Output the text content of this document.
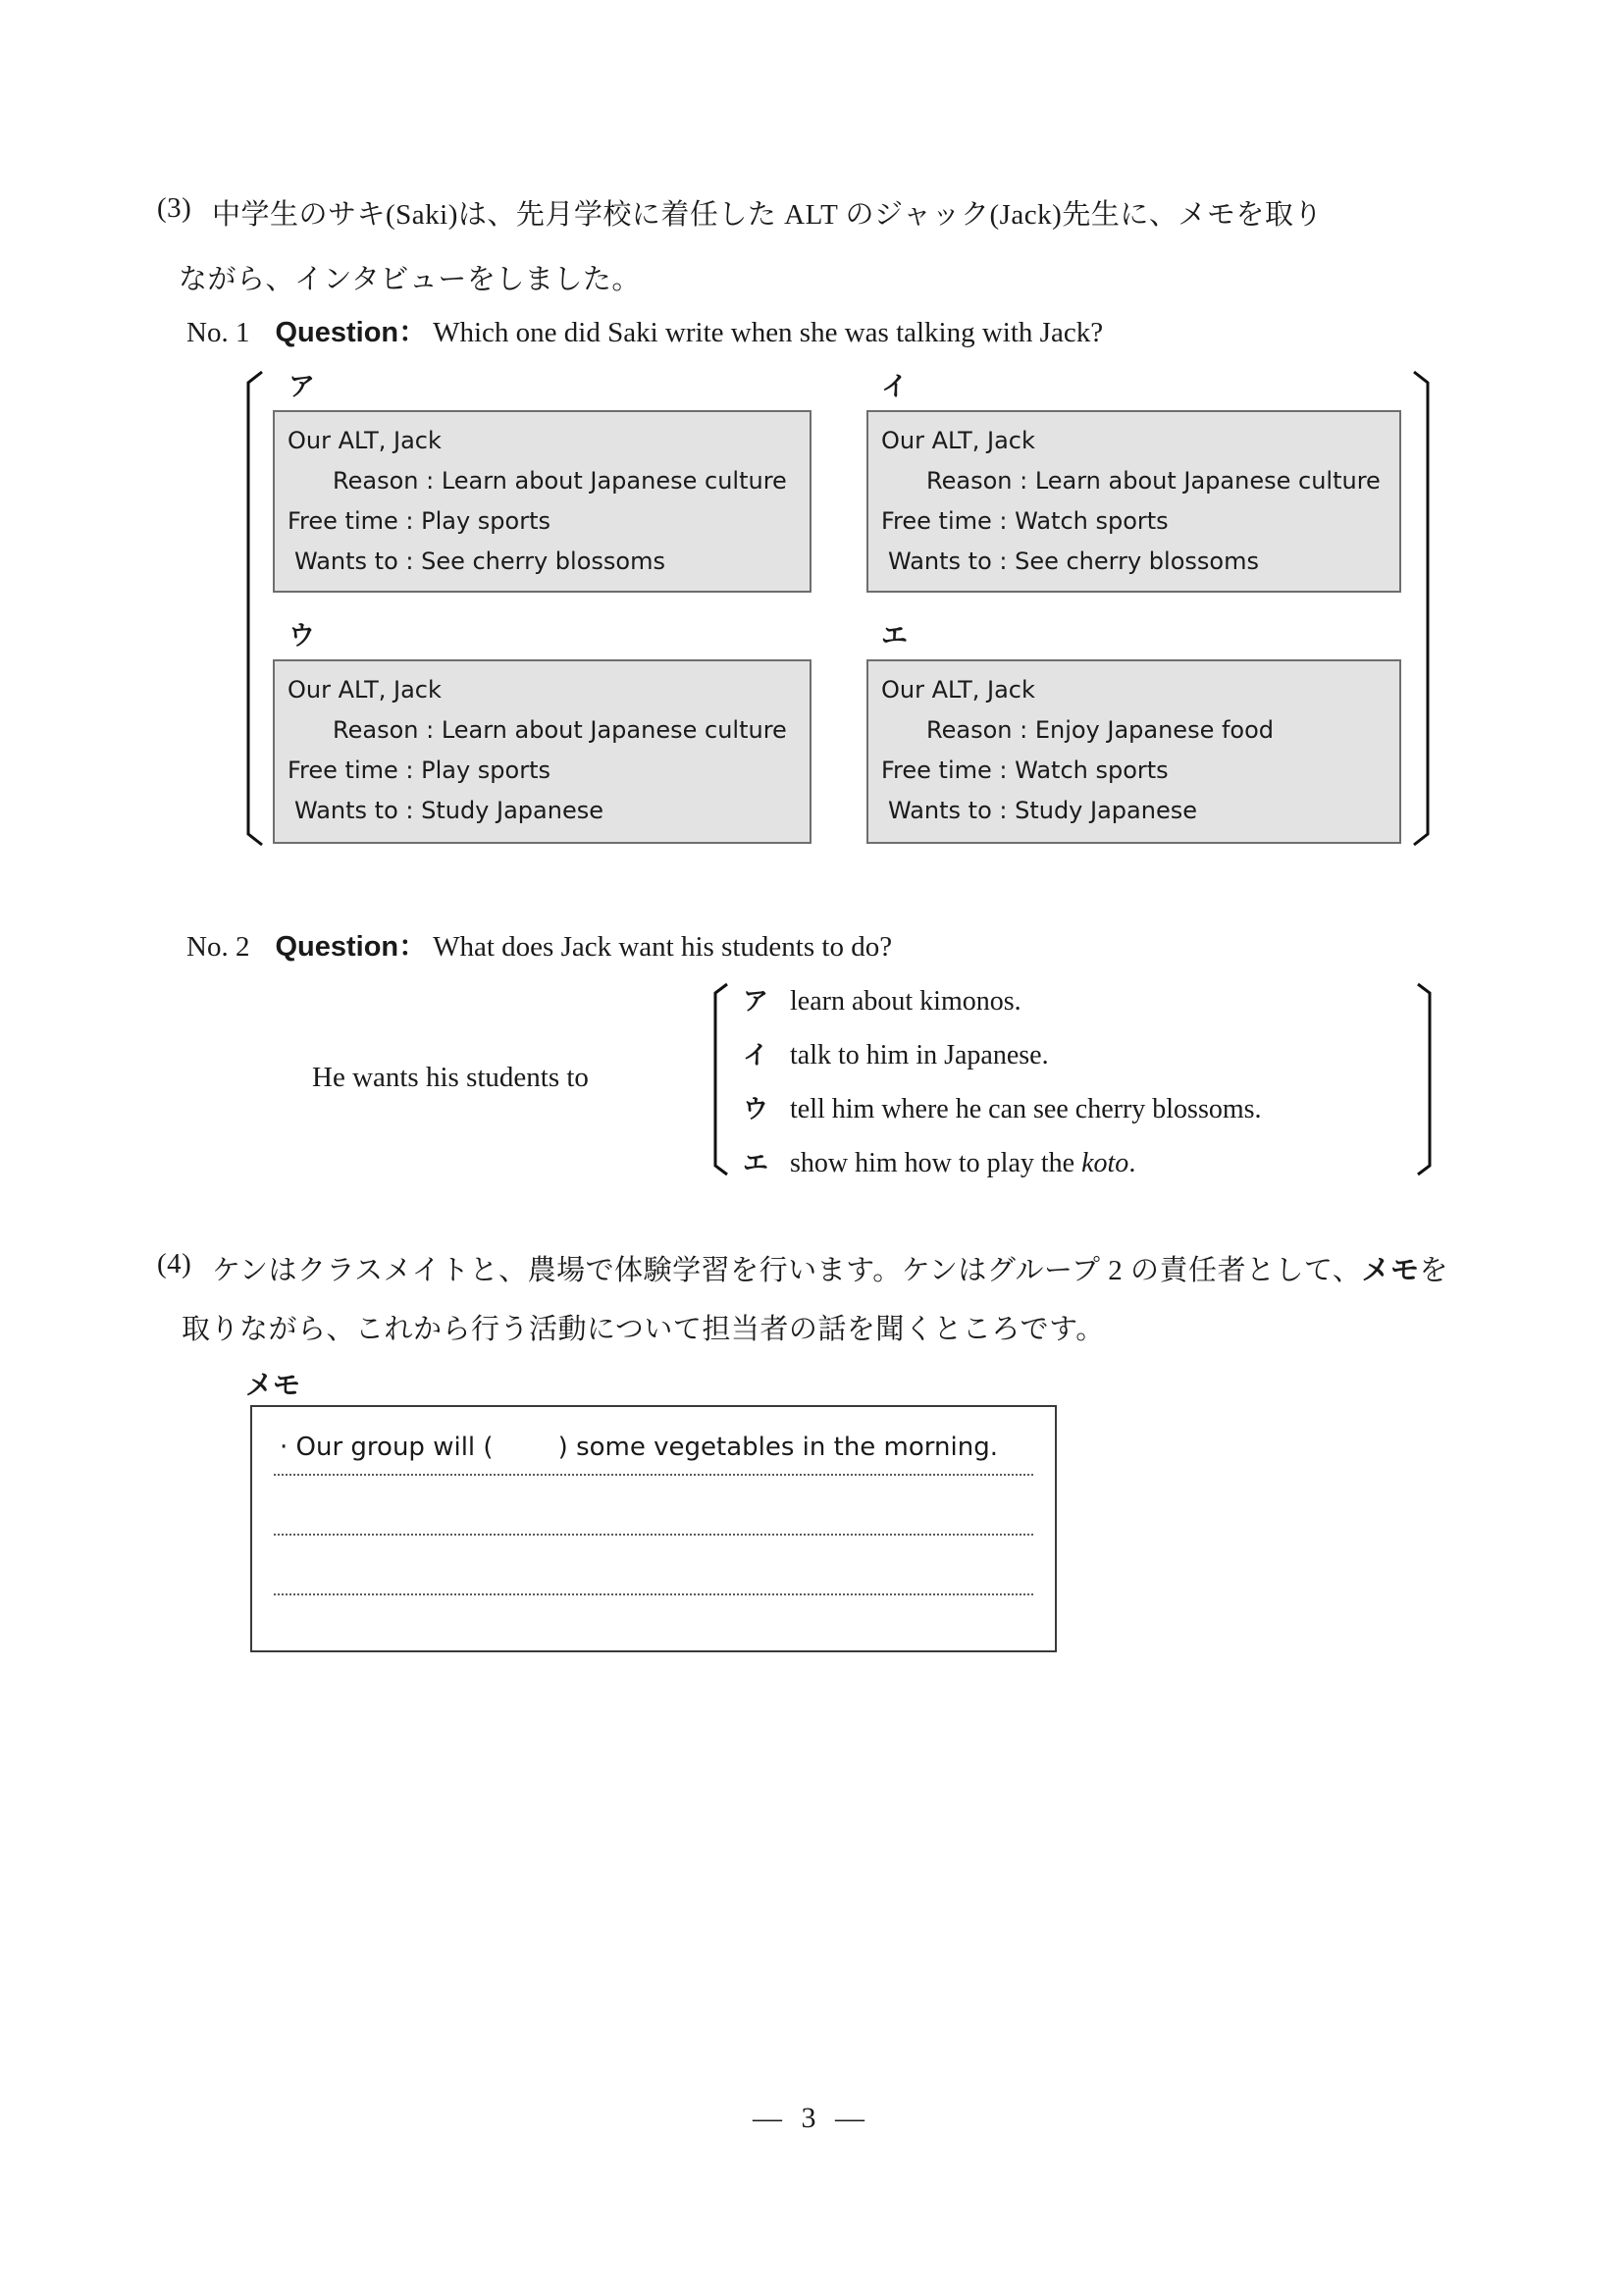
(3) 中学生のサキ(Saki)は、先月学校に着任した ALT のジャック(Jack)先生に、メモを取り
ながら、インタビューをしました。
No. 1 Question： Which one did Saki write when she was talking with Jack?
ア
Our ALT, Jack
Reason : Learn about Japanese culture
Free time : Play sports
Wants to : See cherry blossoms
イ
Our ALT, Jack
Reason : Learn about Japanese culture
Free time : Watch sports
Wants to : See cherry blossoms
ウ
Our ALT, Jack
Reason : Learn about Japanese culture
Free time : Play sports
Wants to : Study Japanese
エ
Our ALT, Jack
Reason : Enjoy Japanese food
Free time : Watch sports
Wants to : Study Japanese
No. 2 Question： What does Jack want his students to do?
He wants his students to
ア learn about kimonos.
イ talk to him in Japanese.
ウ tell him where he can see cherry blossoms.
エ show him how to play the koto.
(4) ケンはクラスメイトと、農場で体験学習を行います。ケンはグループ 2 の責任者として、メモを
取りながら、これから行う活動について担当者の話を聞くところです。
メモ
· Our group will (        ) some vegetables in the morning.
— 3 —
